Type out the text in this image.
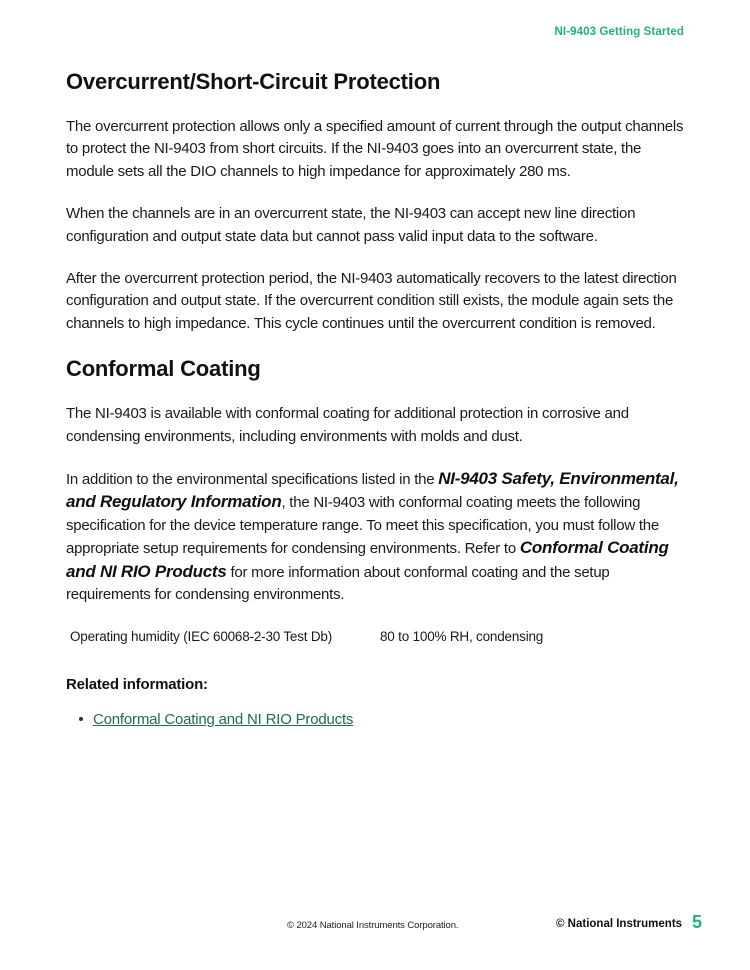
NI-9403 Getting Started
Overcurrent/Short-Circuit Protection

The overcurrent protection allows only a specified amount of current through the output channels to protect the NI-9403 from short circuits. If the NI-9403 goes into an overcurrent state, the module sets all the DIO channels to high impedance for approximately 280 ms.

When the channels are in an overcurrent state, the NI-9403 can accept new line direction configuration and output state data but cannot pass valid input data to the software.

After the overcurrent protection period, the NI-9403 automatically recovers to the latest direction configuration and output state. If the overcurrent condition still exists, the module again sets the channels to high impedance. This cycle continues until the overcurrent condition is removed.

Conformal Coating

The NI-9403 is available with conformal coating for additional protection in corrosive and condensing environments, including environments with molds and dust.

In addition to the environmental specifications listed in the NI-9403 Safety, Environmental, and Regulatory Information, the NI-9403 with conformal coating meets the following specification for the device temperature range. To meet this specification, you must follow the appropriate setup requirements for condensing environments. Refer to Conformal Coating and NI RIO Products for more information about conformal coating and the setup requirements for condensing environments.

Operating humidity (IEC 60068-2-30 Test Db)	80 to 100% RH, condensing
Related information:
Conformal Coating and NI RIO Products
© 2024 National Instruments Corporation.	© National Instruments 5
